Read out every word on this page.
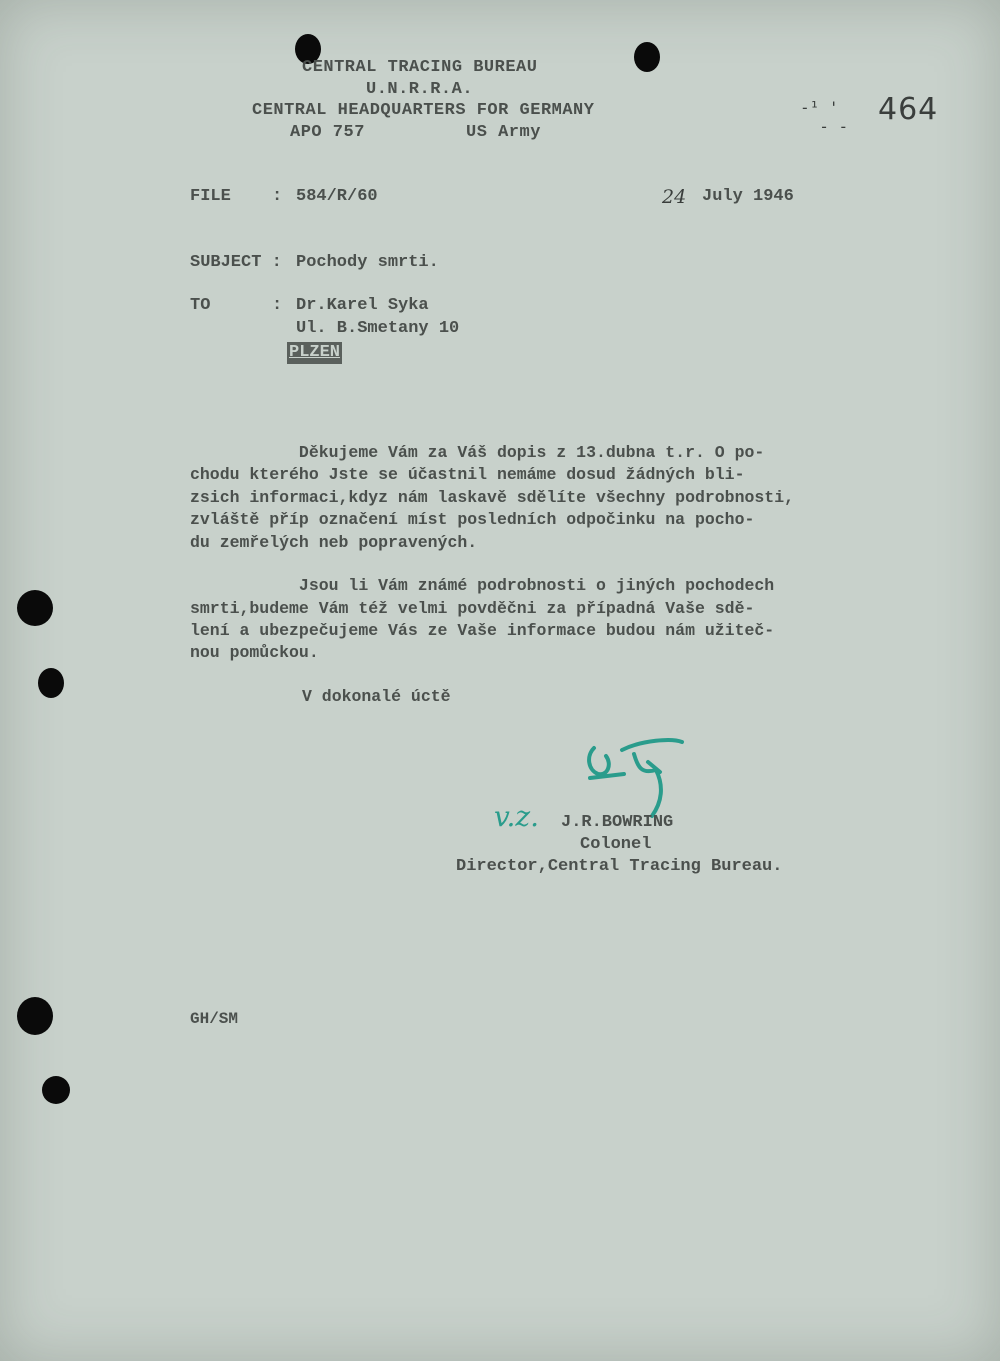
CENTRAL TRACING BUREAU
U.N.R.R.A.
CENTRAL HEADQUARTERS FOR GERMANY
APO 757	US Army
-¹ '
- - 464
FILE : 584/R/60	24 July 1946
SUBJECT : Pochody smrti.
TO	: Dr.Karel Syka
Ul. B.Smetany 10
PLZEN
Děkujeme Vám za Váš dopis z 13.dubna t.r. O po-
chodu kterého Jste se účastnil nemáme dosud žádných bli-
zsich informaci,kdyz nám laskavě sdělíte všechny podrobnosti,
zvláště příp označení míst posledních odpočinku na pocho-
du zemřelých neb popravených.
Jsou li Vám známé podrobnosti o jiných pochodech
smrti,budeme Vám též velmi povděčni za případná Vaše sdě-
lení a ubezpečujeme Vás ze Vaše informace budou nám užiteč-
nou pomůckou.
V dokonalé úctě
v.z. J.R.BOWRING
Colonel
Director,Central Tracing Bureau.
GH/SM
